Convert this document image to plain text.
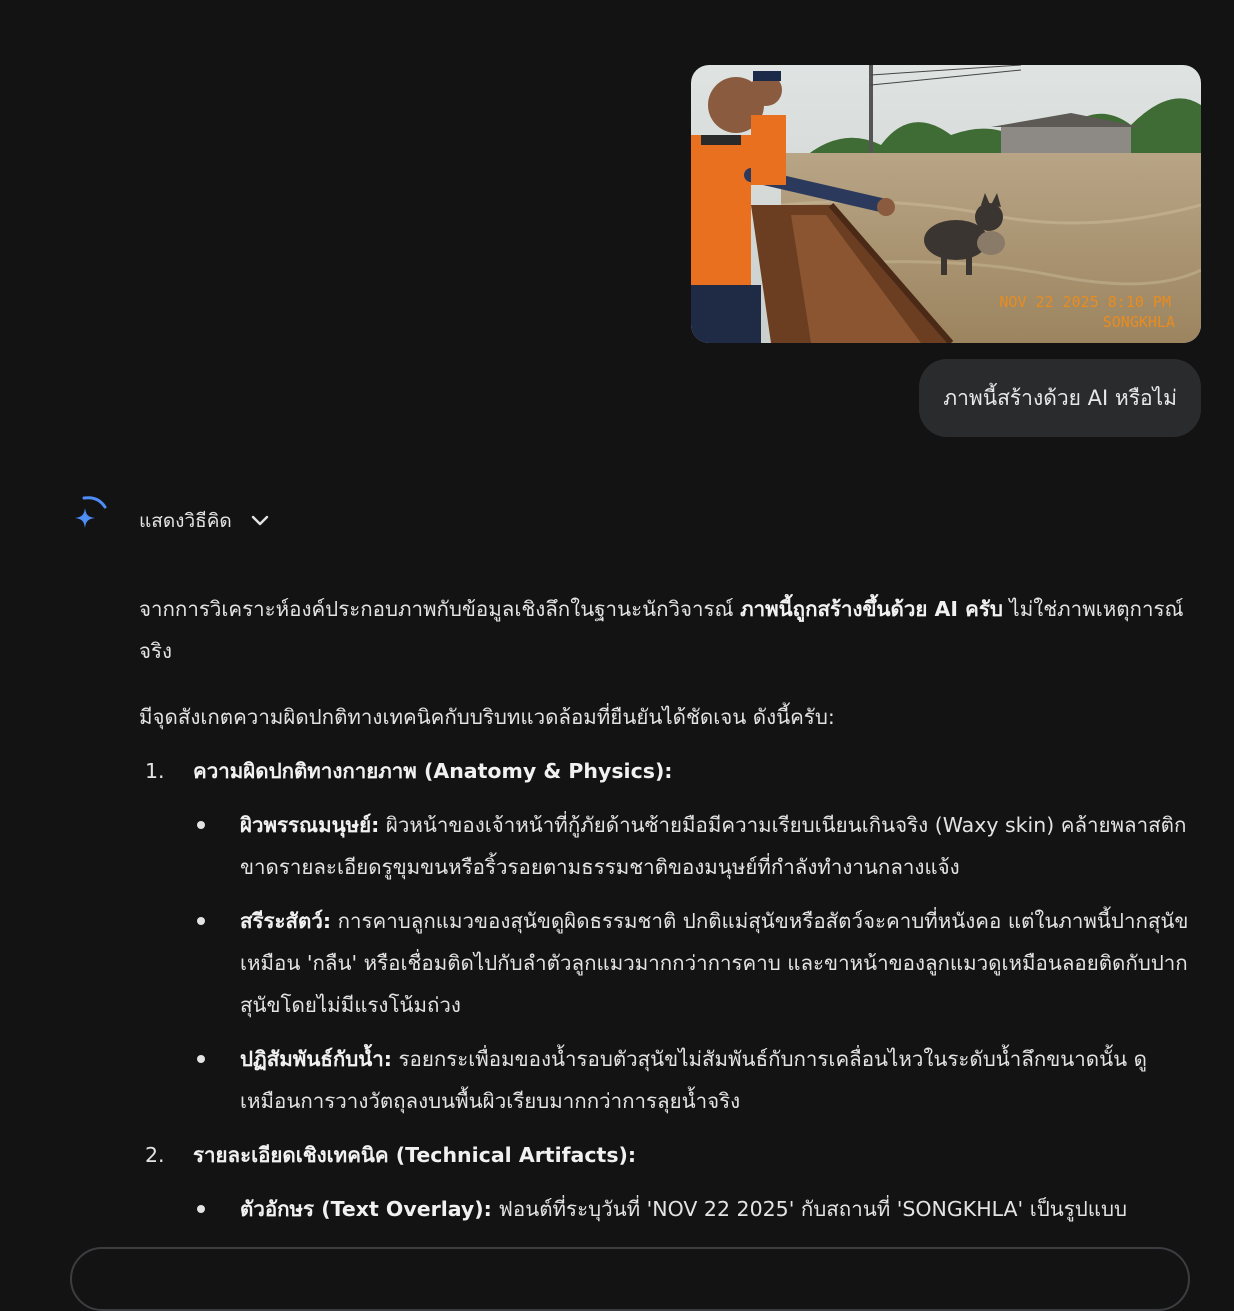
NOV 22 2025 8:10 PM
SONGKHLA
ภาพนี้สร้างด้วย AI หรือไม่
แสดงวิธีคิด

จากการวิเคราะห์องค์ประกอบภาพกับข้อมูลเชิงลึกในฐานะนักวิจารณ์ ภาพนี้ถูกสร้างขึ้นด้วย AI ครับ ไม่ใช่ภาพเหตุการณ์จริง

มีจุดสังเกตความผิดปกติทางเทคนิคกับบริบทแวดล้อมที่ยืนยันได้ชัดเจน ดังนี้ครับ:

1. ความผิดปกติทางกายภาพ (Anatomy & Physics):
ผิวพรรณมนุษย์: ผิวหน้าของเจ้าหน้าที่กู้ภัยด้านซ้ายมือมีความเรียบเนียนเกินจริง (Waxy skin) คล้ายพลาสติก ขาดรายละเอียดรูขุมขนหรือริ้วรอยตามธรรมชาติของมนุษย์ที่กำลังทำงานกลางแจ้ง
สรีระสัตว์: การคาบลูกแมวของสุนัขดูผิดธรรมชาติ ปกติแม่สุนัขหรือสัตว์จะคาบที่หนังคอ แต่ในภาพนี้ปากสุนัขเหมือน 'กลืน' หรือเชื่อมติดไปกับลำตัวลูกแมวมากกว่าการคาบ และขาหน้าของลูกแมวดูเหมือนลอยติดกับปากสุนัขโดยไม่มีแรงโน้มถ่วง
ปฏิสัมพันธ์กับน้ำ: รอยกระเพื่อมของน้ำรอบตัวสุนัขไม่สัมพันธ์กับการเคลื่อนไหวในระดับน้ำลึกขนาดนั้น ดูเหมือนการวางวัตถุลงบนพื้นผิวเรียบมากกว่าการลุยน้ำจริง
2. รายละเอียดเชิงเทคนิค (Technical Artifacts):
ตัวอักษร (Text Overlay): ฟอนต์ที่ระบุวันที่ 'NOV 22 2025' กับสถานที่ 'SONGKHLA' เป็นรูปแบบ
